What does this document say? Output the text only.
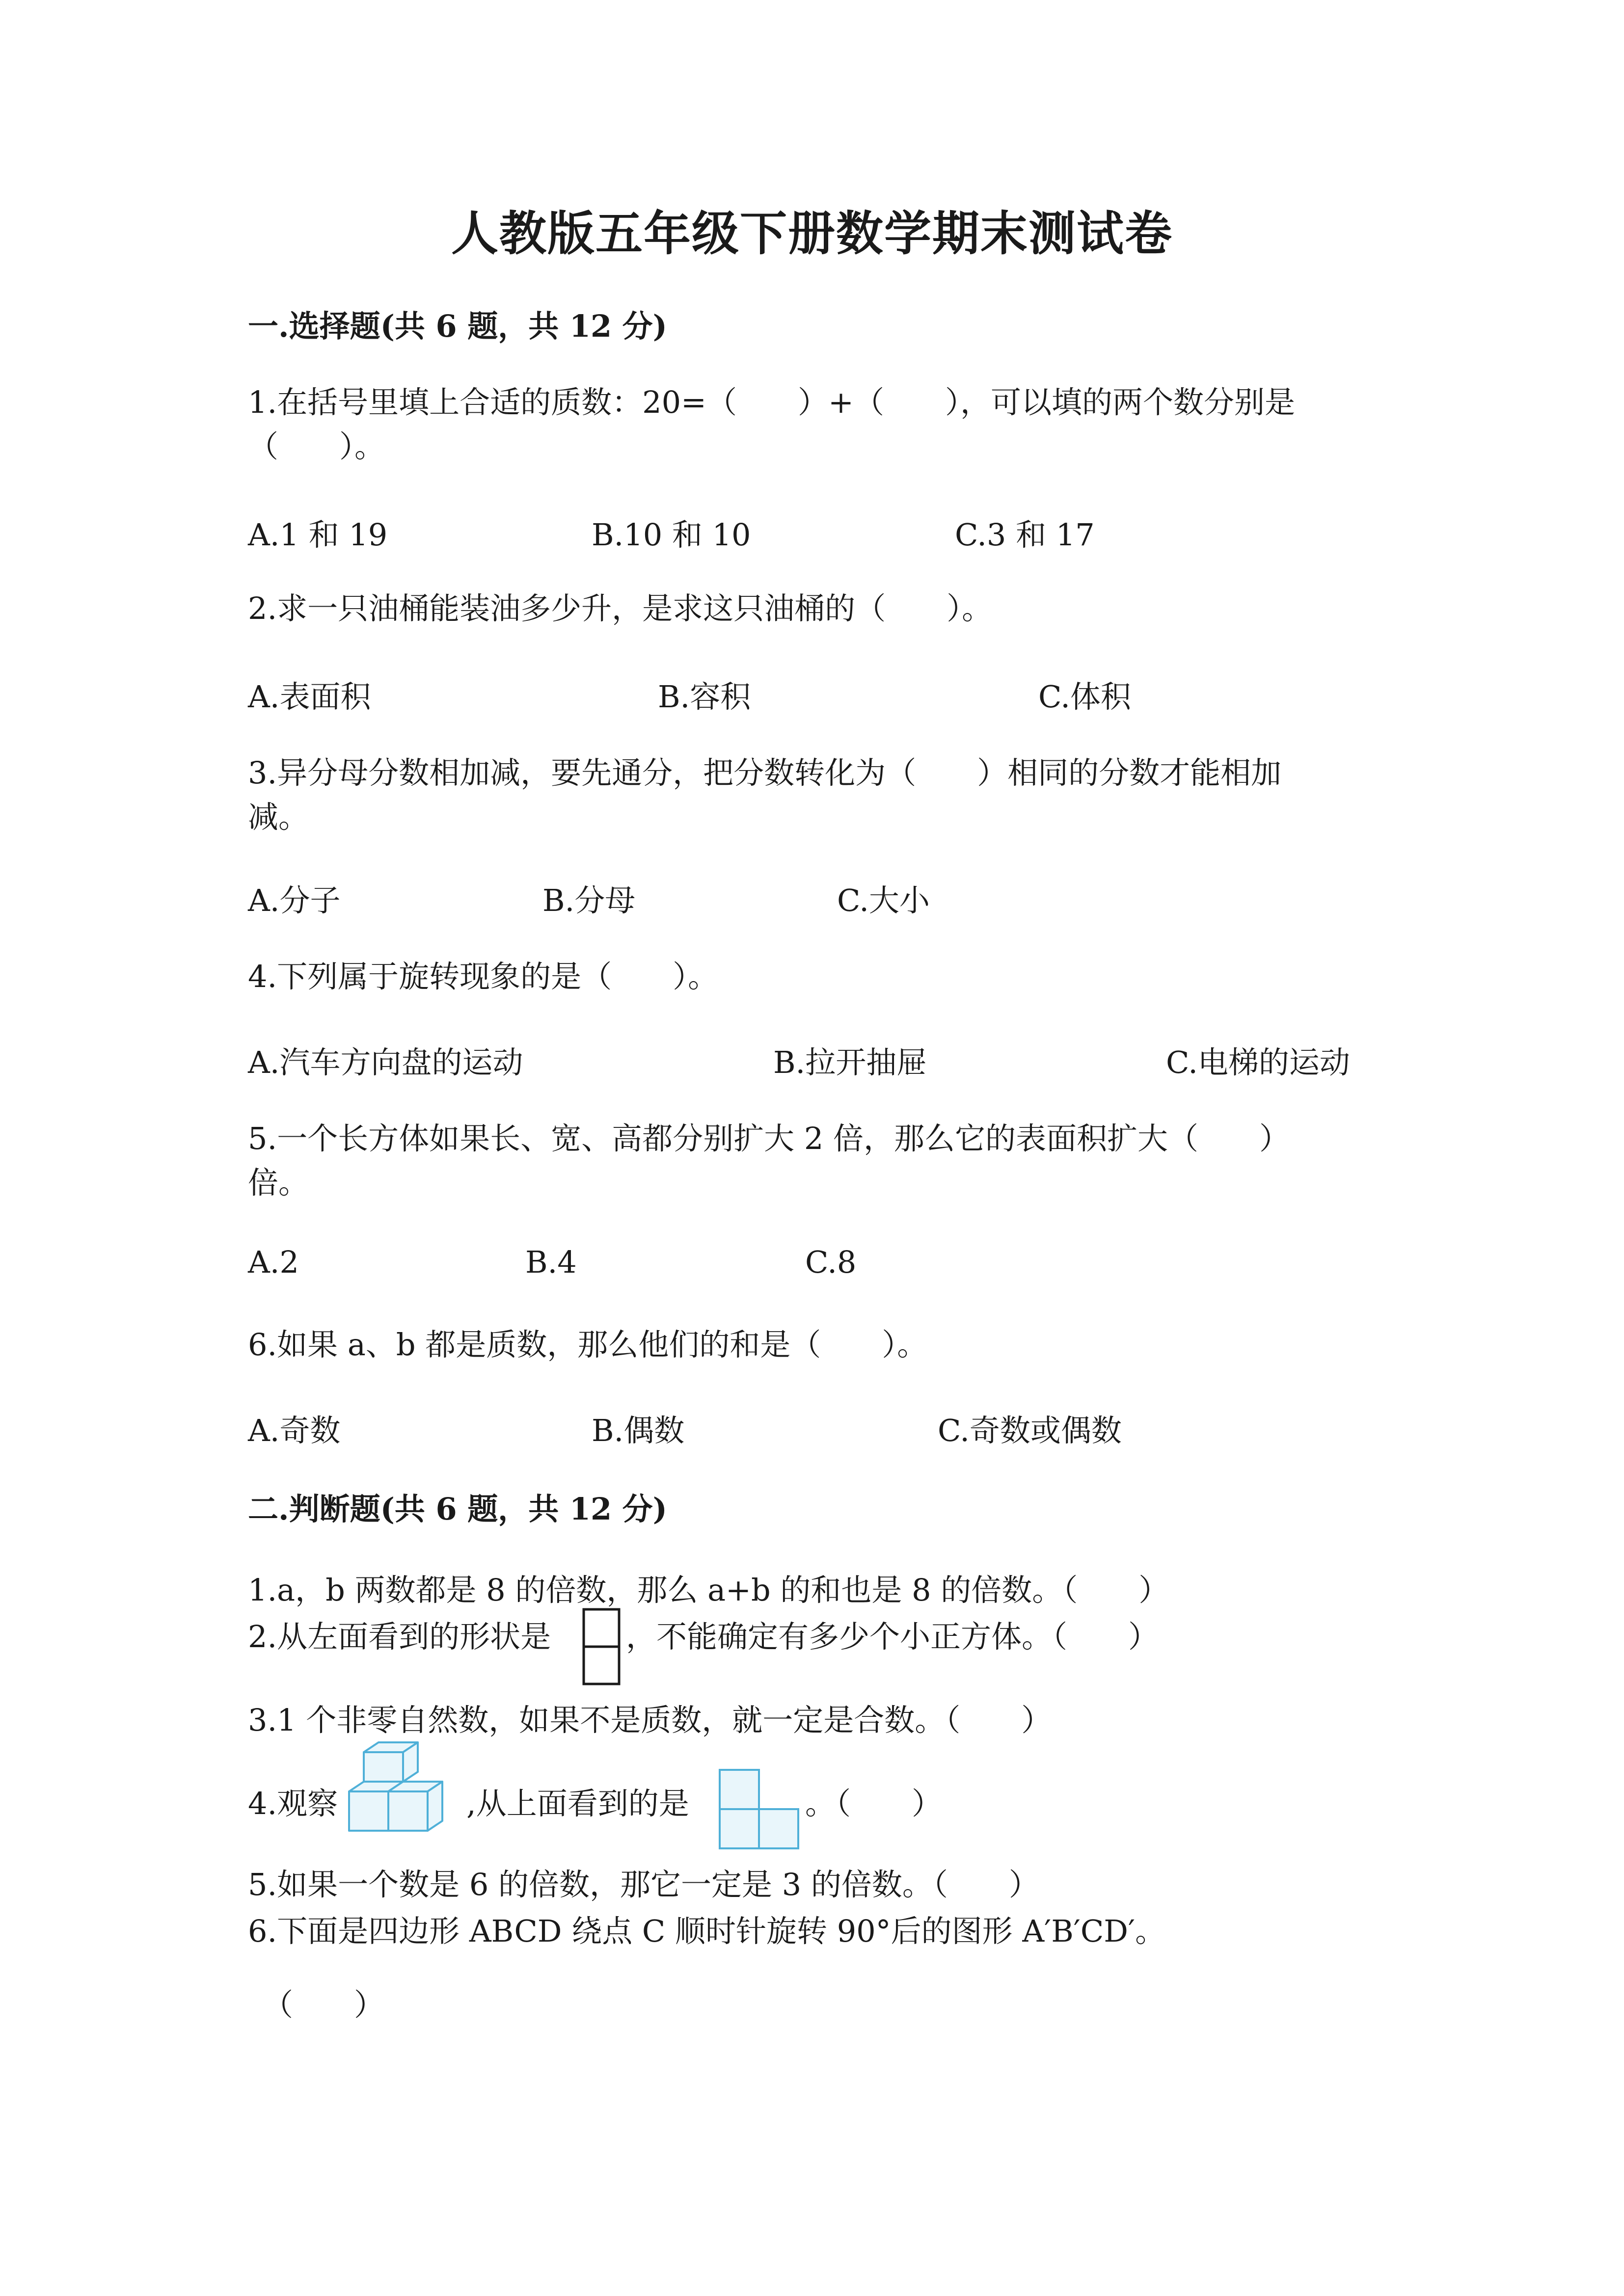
人教版五年级下册数学期末测试卷
一.选择题(共 6 题，共 12 分)
1.在括号里填上合适的质数：20=（　　）+（　　），可以填的两个数分别是
（　　）。
A.1 和 19	B.10 和 10	C.3 和 17
2.求一只油桶能装油多少升，是求这只油桶的（　　）。
A.表面积	B.容积	C.体积
3.异分母分数相加减，要先通分，把分数转化为（　　）相同的分数才能相加
减。
A.分子	B.分母	C.大小
4.下列属于旋转现象的是（　　）。
A.汽车方向盘的运动	B.拉开抽屉	C.电梯的运动
5.一个长方体如果长、宽、高都分别扩大 2 倍，那么它的表面积扩大（　　）
倍。
A.2	B.4	C.8
6.如果 a、b 都是质数，那么他们的和是（　　）。
A.奇数	B.偶数	C.奇数或偶数
二.判断题(共 6 题，共 12 分)
1.a，b 两数都是 8 的倍数，那么 a+b 的和也是 8 的倍数。（　　）
2.从左面看到的形状是 ，不能确定有多少个小正方体。（　　）
3.1 个非零自然数，如果不是质数，就一定是合数。（　　）
4.观察	,从上面看到的是	。（　　）
5.如果一个数是 6 的倍数，那它一定是 3 的倍数。（　　）
6.下面是四边形 ABCD 绕点 C 顺时针旋转 90°后的图形 A′B′CD′。
（　　）
